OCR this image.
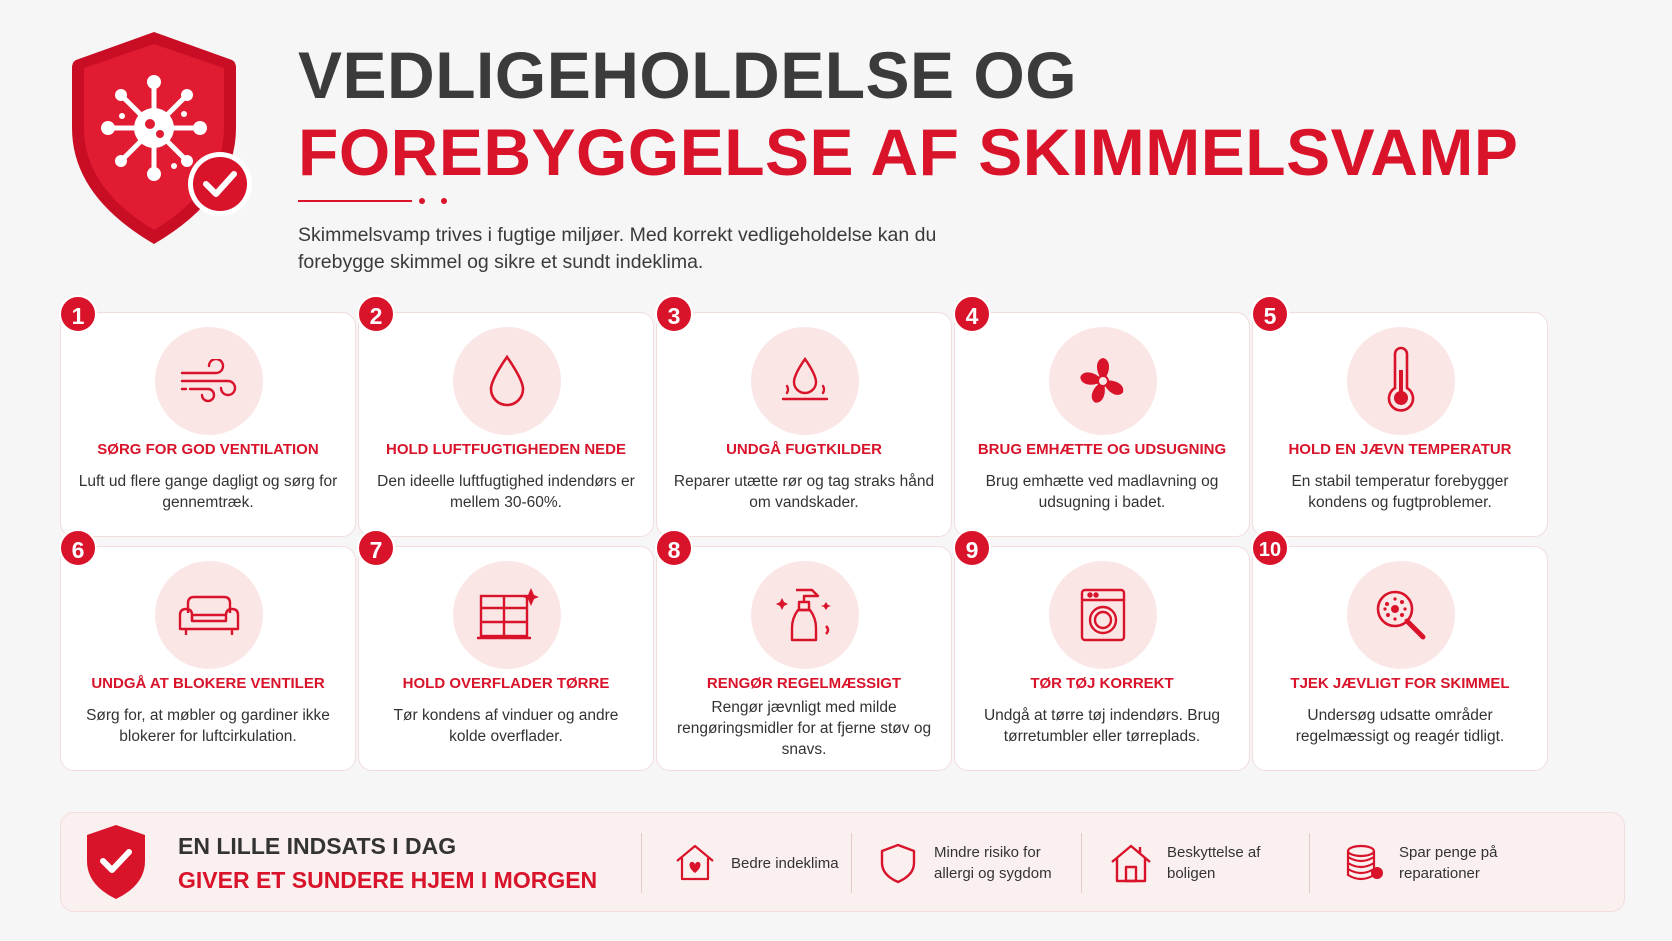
VEDLIGEHOLDELSE OG
FOREBYGGELSE AF SKIMMELSVAMP

Skimmelsvamp trives i fugtige miljøer. Med korrekt vedligeholdelse kan du forebygge skimmel og sikre et sundt indeklima.

1
SØRG FOR GOD VENTILATION
Luft ud flere gange dagligt og sørg for gennemtræk.
2
HOLD LUFTFUGTIGHEDEN NEDE
Den ideelle luftfugtighed indendørs er mellem 30-60%.
3
UNDGÅ FUGTKILDER
Reparer utætte rør og tag straks hånd om vandskader.
4
BRUG EMHÆTTE OG UDSUGNING
Brug emhætte ved madlavning og udsugning i badet.
5
HOLD EN JÆVN TEMPERATUR
En stabil temperatur forebygger kondens og fugtproblemer.
6
UNDGÅ AT BLOKERE VENTILER
Sørg for, at møbler og gardiner ikke blokerer for luftcirkulation.
7
HOLD OVERFLADER TØRRE
Tør kondens af vinduer og andre kolde overflader.
8
RENGØR REGELMÆSSIGT
Rengør jævnligt med milde rengøringsmidler for at fjerne støv og snavs.
9
TØR TØJ KORREKT
Undgå at tørre tøj indendørs. Brug tørretumbler eller tørreplads.
10
TJEK JÆVLIGT FOR SKIMMEL
Undersøg udsatte områder regelmæssigt og reagér tidligt.
EN LILLE INDSATS I DAG
GIVER ET SUNDERE HJEM I MORGEN
Bedre indeklima
Mindre risiko for allergi og sygdom
Beskyttelse af boligen
Spar penge på reparationer
